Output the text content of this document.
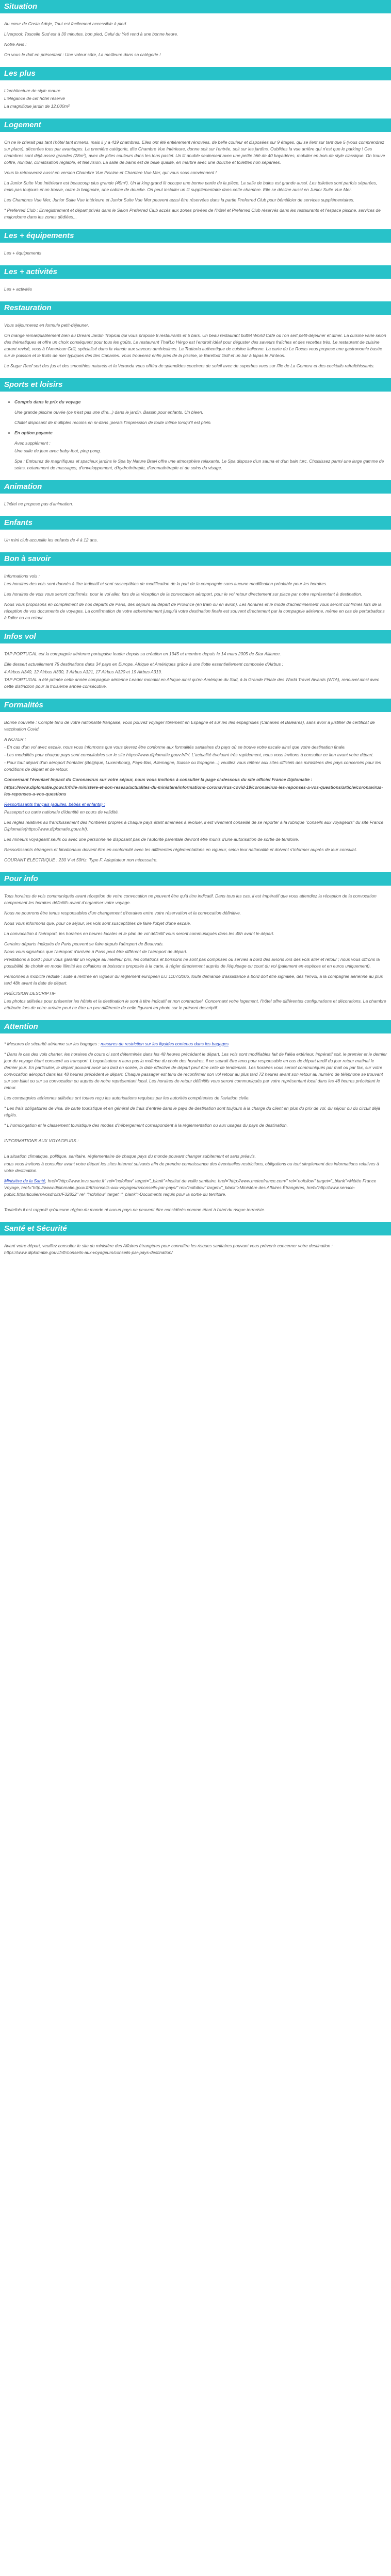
Situation

Au cœur de Costa Adeje, Tout est facilement accessible à pied.

Liverpool: Toscelle Sud est à 30 minutes. bon pied, Celui du Yeti rend à une bonne heure.

Notre Avis :

On vous le doit en présentant : Une valeur sûre, La meilleure dans sa catégorie !

Les plus

L'architecture de style maure

L'élégance de cet hôtel réservé

La magnifique jardin de 12.000m²

Logement

On ne le crierait pas tant l'hôtel tant inmens, mais il y a 419 chambres. Elles ont été entièrement rénovées, de belle couleur et disposées sur 9 étages, qui se lient sur tant que 5 (vous comprendrez sur place), décorées tous par avantages. La première catégorie, dite Chambre Vue Intérieure, donne soit sur l'entrée, soit sur les jardins. Oubliées la vue arrière qui n'est que le parking ! Ces chambres sont déjà assez grandes (28m²), avec de jolies couleurs dans les tons pastel. Un lit double seulement avec une petite télé de 40 bayadères, mobilier en bois de style classique. On trouve coffre, minibar, climatisation réglable, et télévision. La salle de bains est de belle qualité, en marbre avec une douche et toilettes non séparées.

Vous la retrouverez aussi en version Chambre Vue Piscine et Chambre Vue Mer, qui vous sous conviennent !

La Junior Suite Vue Intérieure est beaucoup plus grande (45m²). Un lit king grand lit occupe une bonne partie de la pièce. La salle de bains est grande aussi. Les toilettes sont parfois séparées, mais pas toujours et on trouve, outre la baignoire, une cabine de douche. On peut installer un lit supplémentaire dans cette chambre. Elle se décline aussi en Junior Suite Vue Mer.

Les Chambres Vue Mer, Junior Suite Vue Intérieure et Junior Suite Vue Mer peuvent aussi être réservées dans la partie Preferred Club pour bénéficier de services supplémentaires.

* Preferred Club : Enregistrement et départ privés dans le Salon Preferred Club accès aux zones privées de l'hôtel et Preferred Club réservés dans les restaurants et l'espace piscine, services de majordome dans les zones dédiées...

Les + équipements

Les + équipements

Les + activités

Les + activités

Restauration

Vous séjournerez en formule petit-déjeuner.

On mange remarquablement bien au Dream Jardín Tropical qui vous propose 8 restaurants et 5 bars. Un beau restaurant buffet World Café où l'on sert petit-déjeuner et dîner. La cuisine varie selon des thématiques et offre un choix conséquent pour tous les goûts. Le restaurant Thai'Lo Hérgo est l'endroit idéal pour déguster des saveurs fraîches et des recettes très. Le restaurant de cuisine aurant revisé, vous à l'American Grill, spécialisé dans la viande aux saveurs américaines. La Trattoria authentique de cuisine italienne. La carte du Le Rocas vous propose une gastronomie basée sur le poisson et le fruits de mer typiques des îles Canaries. Vous trouverez enfin près de la piscine, le Barefoot Grill et un bar à tapas le Pinteos.

Le Sugar Reef sert des jus et des smoothies naturels et la Veranda vous offrira de splendides couchers de soleil avec de superbes vues sur l'île de La Gomera et des cocktails rafraîchissants.

Sports et loisirs
• Compris dans le prix du voyage

Une grande piscine ouvée (ce n'est pas une dire...) dans le jardin. Bassin pour enfants. Un bleen.

Chiltel disposant de multiples recoins en ni-dans ;perais l'impression de toute intime lorsqu'il est plein.

• En option payante

Avec supplément :

Une salle de jeux avec baby-foot, ping pong.

Spa : Entourez de magnifiques et spacieux jardins le Spa by Nature Bravi offre une atmosphère relaxante. Le Spa dispose d'un sauna et d'un bain turc. Choisissez parmi une large gamme de soins, notamment de massages, d'enveloppement, d'hydrothérapie, d'aromathérapie et de soins du visage.

Animation

L'hôtel ne propose pas d'animation.

Enfants

Un mini club accueille les enfants de 4 à 12 ans.

Bon à savoir

Informations vols :

Les horaires des vols sont donnés à titre indicatif et sont susceptibles de modification de la part de la compagnie sans aucune modification préalable pour les horaires.

Les horaires de vols vous seront confirmés, pour le vol aller, lors de la réception de la convocation aéroport, pour le vol retour directement sur place par notre représentant à destination.

Nous vous proposons en complément de nos départs de Paris, des séjours au départ de Province (en train ou en avion). Les horaires et le mode d'acheminement vous seront confirmés lors de la réception de vos documents de voyages. La confirmation de votre acheminement jusqu'à votre destination finale est souvent directement par la compagnie aérienne, même en cas de perturbations à l'aller ou au retour.

Infos vol

TAP PORTUGAL est la compagnie aérienne portugaise leader depuis sa création en 1945 et membre depuis le 14 mars 2005 de Star Alliance.

Elle dessert actuellement 75 destinations dans 34 pays en Europe, Afrique et Amériques grâce à une flotte essentiellement composée d'Airbus :

4 Airbus A340, 12 Airbus A330, 3 Airbus A321, 17 Airbus A320 et 19 Airbus A319.

TAP PORTUGAL a été primée cette année compagnie aérienne Leader mondial en Afrique ainsi qu'en Amérique du Sud, à la Grande Finale des World Travel Awards (WTA), renouvel ainsi avec cette distinction pour la troisième année consécutive.

Formalités

Bonne nouvelle : Compte tenu de votre nationalité française, vous pouvez voyager librement en Espagne et sur les îles espagnoles (Canaries et Baléares), sans avoir à justifier de certificat de vaccination Covid.

A NOTER :

- En cas d'un vol avec escale, nous vous informons que vous devrez être conforme aux formalités sanitaires du pays où se trouve votre escale ainsi que votre destination finale.

- Les modalités pour chaque pays sont consultables sur le site https://www.diplomatie.gouv.fr/fr/. L'actualité évoluant très rapidement, nous vous invitons à consulter ce lien avant votre départ.

- Pour tout départ d'un aéroport frontalier (Belgique, Luxembourg, Pays-Bas, Allemagne, Suisse ou Espagne...) veuillez vous référer aux sites officiels des ministères des pays concernés pour les conditions de départ et de retour.

Concernant l'évenlael Impact du Coronavirus sur votre séjour, nous vous invitons à consulter la page ci-dessous du site officiel France Diplomatie :

https://www.diplomatie.gouv.fr/fr/le-ministere-et-son-reseau/actualites-du-ministere/informations-coronavirus-covid-19/coronavirus-les-reponses-a-vos-questions/article/coronavirus-les-reponses-a-vos-questions

Ressortissants français (adultes, bébés et enfants) :

Passeport ou carte nationale d'identité en cours de validité.

Les règles relatives au franchissement des frontières propres à chaque pays étant amenées à évoluer, il est vivement conseillé de se reporter à la rubrique "conseils aux voyageurs" du site France Diplomatie(https://www.diplomatie.gouv.fr/).

Les mineurs voyageant seuls ou avec une personne ne disposant pas de l'autorité parentale devront être munis d'une autorisation de sortie de territoire.

Ressortissants étrangers et binationaux doivent être en conformité avec les différentes réglementations en vigueur, selon leur nationalité et doivent s'informer auprès de leur consulat.

COURANT ELECTRIQUE : 230 V et 50Hz. Type F. Adaptateur non nécessaire.

Pour info

Tous horaires de vols communiqués avant réception de votre convocation ne peuvent être qu'à titre indicatif. Dans tous les cas, il est impératif que vous attendiez la réception de la convocation comprenant les horaires définitifs avant d'organiser votre voyage.

Nous ne pourrons être tenus responsables d'un changement d'horaires entre votre réservation et la convocation définitive.

Nous vous informons que, pour ce séjour, les vols sont susceptibles de faire l'objet d'une escale.

La convocation à l'aéroport, les horaires en heures locales et le plan de vol définitif vous seront communiqués dans les 48h avant le départ.

Certains départs indiqués de Paris peuvent se faire depuis l'aéroport de Beauvais.

Nous vous signalons que l'aéroport d'arrivée à Paris peut être différent de l'aéroport de départ.

Prestations à bord : pour vous garantir un voyage au meilleur prix, les collations et boissons ne sont pas comprises ou servies à bord des avions lors des vols aller et retour ; nous vous offrons la possibilité de choisir en mode illimité les collations et boissons proposés à la carte, à régler directement auprès de l'équipage ou court du vol (paiement en espèces et en euros uniquement).

Personnes à mobilité réduite : suite à l'entrée en vigueur du règlement européen EU 1107/2006, toute demande d'assistance à bord doit être signalée, dès l'envoi, à la compagnie aérienne au plus tard 48h avant la date de départ.

PRÉCISION DESCRIPTIF

Les photos utilisées pour présenter les hôtels et la destination le sont à titre indicatif et non contractuel. Concernant votre logement, l'hôtel offre différentes configurations et décorations. La chambre attribuée lors de votre arrivée peut ne être un peu différente de celle figurant en photo sur le présent descriptif.

Attention

* Mesures de sécurité aérienne sur les bagages : mesures de restriction sur les liquides contenus dans les bagages

* Dans le cas des vols charter, les horaires de cours ci sont déterminés dans les 48 heures précédant le départ. Les vols sont modifiables fait de l'aléa extérieur, Impératif soit, le premier et le dernier jour du voyage étant consacré au transport. L'organisateur n'aura pas la maîtrise du choix des horaires, il ne saurait être tenu pour responsable en cas de départ tardif du jour retour matinal le dernier jour. En particulier, le départ pouvant avoir lieu tard en soirée, la date effective de départ peut être celle de lendemain. Les horaires vous seront communiqués par mail ou par fax, sur votre convocation aéroport dans les 48 heures précédent le départ. Chaque passager est tenu de reconfirmer son vol retour au plus tard 72 heures avant son retour au numéro de téléphone se trouvant sur son billet ou sur sa convocation ou auprès de notre représentant local. Les horaires de retour définitifs vous seront communiqués par votre représentant local dans les 48 heures précédant le retour.

Les compagnies aériennes utilisées ont toutes reçu les autorisations requises par les autorités compétentes de l'aviation civile.

* Les frais obligatoires de visa, de carte touristique et en général de frais d'entrée dans le pays de destination sont toujours à la charge du client en plus du prix de vol, du séjour ou du circuit déjà réglés.

* L'homologation et le classement touristique des modes d'hébergement correspondent à la réglementation ou aux usages du pays de destination.

INFORMATIONS AUX VOYAGEURS :

La situation climatique, politique, sanitaire, réglementaire de chaque pays du monde pouvant changer subitement et sans préavis.

nous vous invitons à consulter avant votre départ les sites Internet suivants afin de prendre connaissance des éventuelles restrictions, obligations ou tout simplement des informations relatives à votre destination.

Ministère de la Santé, href="http://www.invs.sante.fr" rel="nofollow" target="_blank">Institut de veille sanitaire, href="http://www.meteofrance.com/" rel="nofollow" target="_blank">Météo France Voyage, href="http://www.diplomatie.gouv.fr/fr/conseils-aux-voyageurs/conseils-par-pays/" rel="nofollow" target="_blank">Ministère des Affaires Étrangères, href="http://www.service-public.fr/particuliers/vosdroits/F32822" rel="nofollow" target="_blank">Documents requis pour la sortie du territoire.

Toutefois il est rappelé qu'aucune région du monde ni aucun pays ne peuvent être considérés comme étant à l'abri du risque terroriste.

Santé et Sécurité

Avant votre départ, veuillez consulter le site du ministère des Affaires étrangères pour connaître les risques sanitaires pouvant vous prévenir concerner votre destination : https://www.diplomatie.gouv.fr/fr/conseils-aux-voyageurs/conseils-par-pays-destination/
